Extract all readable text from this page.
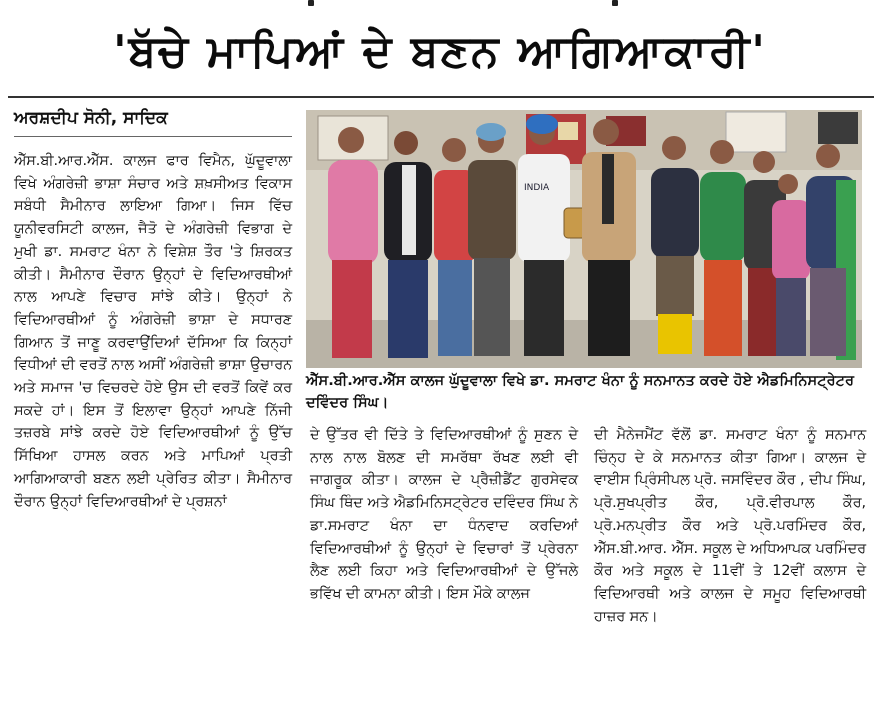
'ਬੱਚੇ ਮਾਪਿਆਂ ਦੇ ਬਣਨ ਆਗਿਆਕਾਰੀ'
ਅਰਸ਼ਦੀਪ ਸੋਨੀ, ਸਾਦਿਕ

ਐੱਸ.ਬੀ.ਆਰ.ਐੱਸ. ਕਾਲਜ ਫਾਰ ਵਿਮੈਨ, ਘੁੱਦੂਵਾਲਾ ਵਿਖੇ ਅੰਗਰੇਜ਼ੀ ਭਾਸ਼ਾ ਸੰਚਾਰ ਅਤੇ ਸ਼ਖ਼ਸੀਅਤ ਵਿਕਾਸ ਸਬੰਧੀ ਸੈਮੀਨਾਰ ਲਾਇਆ ਗਿਆ। ਜਿਸ ਵਿੱਚ ਯੂਨੀਵਰਸਿਟੀ ਕਾਲਜ, ਜੈਤੋ ਦੇ ਅੰਗਰੇਜ਼ੀ ਵਿਭਾਗ ਦੇ ਮੁਖੀ ਡਾ. ਸਮਰਾਟ ਖੰਨਾ ਨੇ ਵਿਸ਼ੇਸ਼ ਤੌਰ 'ਤੇ ਸ਼ਿਰਕਤ ਕੀਤੀ। ਸੈਮੀਨਾਰ ਦੌਰਾਨ ਉਨ੍ਹਾਂ ਦੇ ਵਿਦਿਆਰਥੀਆਂ ਨਾਲ ਆਪਣੇ ਵਿਚਾਰ ਸਾਂਝੇ ਕੀਤੇ। ਉਨ੍ਹਾਂ ਨੇ ਵਿਦਿਆਰਥੀਆਂ ਨੂੰ ਅੰਗਰੇਜ਼ੀ ਭਾਸ਼ਾ ਦੇ ਸਧਾਰਣ ਗਿਆਨ ਤੋਂ ਜਾਣੂ ਕਰਵਾਉਂਦਿਆਂ ਦੱਸਿਆ ਕਿ ਕਿਨ੍ਹਾਂ ਵਿਧੀਆਂ ਦੀ ਵਰਤੋਂ ਨਾਲ ਅਸੀਂ ਅੰਗਰੇਜ਼ੀ ਭਾਸ਼ਾ ਉਚਾਰਨ ਅਤੇ ਸਮਾਜ 'ਚ ਵਿਚਰਦੇ ਹੋਏ ਉਸ ਦੀ ਵਰਤੋਂ ਕਿਵੇਂ ਕਰ ਸਕਦੇ ਹਾਂ। ਇਸ ਤੋਂ ਇਲਾਵਾ ਉਨ੍ਹਾਂ ਆਪਣੇ ਨਿੱਜੀ ਤਜ਼ਰਬੇ ਸਾਂਝੇ ਕਰਦੇ ਹੋਏ ਵਿਦਿਆਰਥੀਆਂ ਨੂੰ ਉੱਚ ਸਿੱਖਿਆ ਹਾਸਲ ਕਰਨ ਅਤੇ ਮਾਪਿਆਂ ਪ੍ਰਤੀ ਆਗਿਆਕਾਰੀ ਬਣਨ ਲਈ ਪ੍ਰੇਰਿਤ ਕੀਤਾ। ਸੈਮੀਨਾਰ ਦੌਰਾਨ ਉਨ੍ਹਾਂ ਵਿਦਿਆਰਥੀਆਂ ਦੇ ਪ੍ਰਸ਼ਨਾਂ

INDIA
ਐੱਸ.ਬੀ.ਆਰ.ਐੱਸ ਕਾਲਜ ਘੁੱਦੂਵਾਲਾ ਵਿਖੇ ਡਾ. ਸਮਰਾਟ ਖੰਨਾ ਨੂੰ ਸਨਮਾਨਤ ਕਰਦੇ ਹੋਏ ਐਡਮਿਨਿਸਟ੍ਰੇਟਰ ਦਵਿੰਦਰ ਸਿੰਘ।

ਦੇ ਉੱਤਰ ਵੀ ਦਿੱਤੇ ਤੇ ਵਿਦਿਆਰਥੀਆਂ ਨੂੰ ਸੁਣਨ ਦੇ ਨਾਲ ਨਾਲ ਬੋਲਣ ਦੀ ਸਮਰੱਥਾ ਰੱਖਣ ਲਈ ਵੀ ਜਾਗਰੂਕ ਕੀਤਾ। ਕਾਲਜ ਦੇ ਪ੍ਰੈਜ਼ੀਡੈਂਟ ਗੁਰਸੇਵਕ ਸਿੰਘ ਥਿੰਦ ਅਤੇ ਐਡਮਿਨਿਸਟ੍ਰੇਟਰ ਦਵਿੰਦਰ ਸਿੰਘ ਨੇ ਡਾ.ਸਮਰਾਟ ਖੰਨਾ ਦਾ ਧੰਨਵਾਦ ਕਰਦਿਆਂ ਵਿਦਿਆਰਥੀਆਂ ਨੂੰ ਉਨ੍ਹਾਂ ਦੇ ਵਿਚਾਰਾਂ ਤੋਂ ਪ੍ਰੇਰਨਾ ਲੈਣ ਲਈ ਕਿਹਾ ਅਤੇ ਵਿਦਿਆਰਥੀਆਂ ਦੇ ਉੱਜਲੇ ਭਵਿੱਖ ਦੀ ਕਾਮਨਾ ਕੀਤੀ। ਇਸ ਮੌਕੇ ਕਾਲਜ

ਦੀ ਮੈਨੇਜਮੈਂਟ ਵੱਲੋਂ ਡਾ. ਸਮਰਾਟ ਖੰਨਾ ਨੂੰ ਸਨਮਾਨ ਚਿੰਨ੍ਹ ਦੇ ਕੇ ਸਨਮਾਨਤ ਕੀਤਾ ਗਿਆ। ਕਾਲਜ ਦੇ ਵਾਈਸ ਪ੍ਰਿੰਸੀਪਲ ਪ੍ਰੋ. ਜਸਵਿੰਦਰ ਕੌਰ , ਦੀਪ ਸਿੰਘ, ਪ੍ਰੋ.ਸੁਖਪ੍ਰੀਤ ਕੌਰ, ਪ੍ਰੋ.ਵੀਰਪਾਲ ਕੌਰ, ਪ੍ਰੋ.ਮਨਪ੍ਰੀਤ ਕੌਰ ਅਤੇ ਪ੍ਰੋ.ਪਰਮਿੰਦਰ ਕੌਰ, ਐੱਸ.ਬੀ.ਆਰ. ਐੱਸ. ਸਕੂਲ ਦੇ ਅਧਿਆਪਕ ਪਰਮਿੰਦਰ ਕੌਰ ਅਤੇ ਸਕੂਲ ਦੇ 11ਵੀਂ ਤੇ 12ਵੀਂ ਕਲਾਸ ਦੇ ਵਿਦਿਆਰਥੀ ਅਤੇ ਕਾਲਜ ਦੇ ਸਮੂਹ ਵਿਦਿਆਰਥੀ ਹਾਜ਼ਰ ਸਨ।
